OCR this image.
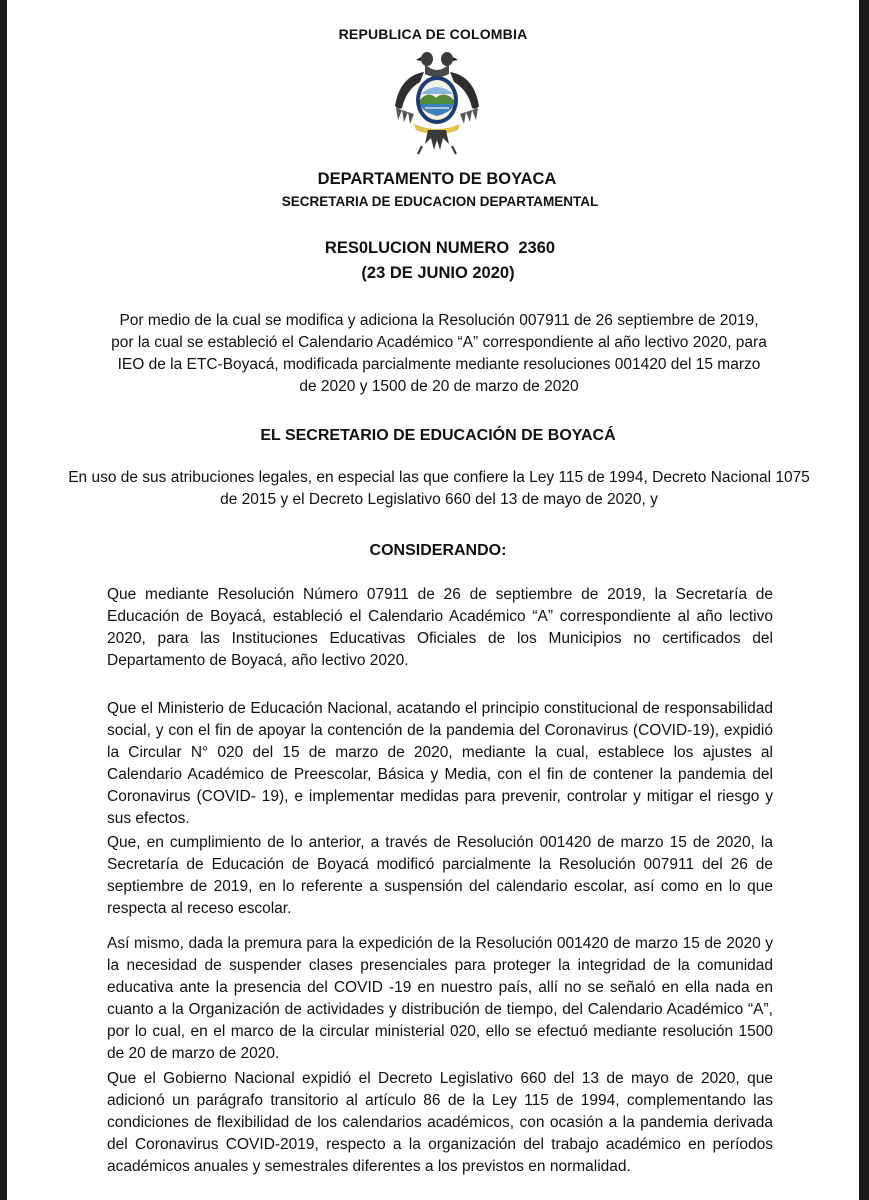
REPUBLICA DE COLOMBIA
DEPARTAMENTO DE BOYACA
SECRETARIA DE EDUCACION DEPARTAMENTAL
RES0LUCION NUMERO  2360
(23 DE JUNIO 2020)
Por medio de la cual se modifica y adiciona la Resolución 007911 de 26 septiembre de 2019, por la cual se estableció el Calendario Académico “A” correspondiente al año lectivo 2020, para IEO de la ETC-Boyacá, modificada parcialmente mediante resoluciones 001420 del 15 marzo de 2020 y 1500 de 20 de marzo de 2020
EL SECRETARIO DE EDUCACIÓN DE BOYACÁ
En uso de sus atribuciones legales, en especial las que confiere la Ley 115 de 1994, Decreto Nacional 1075 de 2015 y el Decreto Legislativo 660 del 13 de mayo de 2020, y
CONSIDERANDO:

Que mediante Resolución Número 07911 de 26 de septiembre de 2019, la Secretaría de Educación de Boyacá, estableció el Calendario Académico “A” correspondiente al año lectivo 2020, para las Instituciones Educativas Oficiales de los Municipios no certificados del Departamento de Boyacá, año lectivo 2020.

Que el Ministerio de Educación Nacional, acatando el principio constitucional de responsabilidad social, y con el fin de apoyar la contención de la pandemia del Coronavirus (COVID-19), expidió la Circular N° 020 del 15 de marzo de 2020, mediante la cual, establece los ajustes al Calendario Académico de Preescolar, Básica y Media, con el fin de contener la pandemia del Coronavirus (COVID- 19), e implementar medidas para prevenir, controlar y mitigar el riesgo y sus efectos.

Que, en cumplimiento de lo anterior, a través de Resolución 001420 de marzo 15 de 2020, la Secretaría de Educación de Boyacá modificó parcialmente la Resolución 007911 del 26 de septiembre de 2019, en lo referente a suspensión del calendario escolar, así como en lo que respecta al receso escolar.

Así mismo, dada la premura para la expedición de la Resolución 001420 de marzo 15 de 2020 y la necesidad de suspender clases presenciales para proteger la integridad de la comunidad educativa ante la presencia del COVID -19 en nuestro país, allí no se señaló en ella nada en cuanto a la Organización de actividades y distribución de tiempo, del Calendario Académico “A”, por lo cual, en el marco de la circular ministerial 020, ello se efectuó mediante resolución 1500 de 20 de marzo de 2020.

Que el Gobierno Nacional expidió el Decreto Legislativo 660 del 13 de mayo de 2020, que adicionó un parágrafo transitorio al artículo 86 de la Ley 115 de 1994, complementando las condiciones de flexibilidad de los calendarios académicos, con ocasión a la pandemia derivada del Coronavirus COVID-2019, respecto a la organización del trabajo académico en períodos académicos anuales y semestrales diferentes a los previstos en normalidad.
